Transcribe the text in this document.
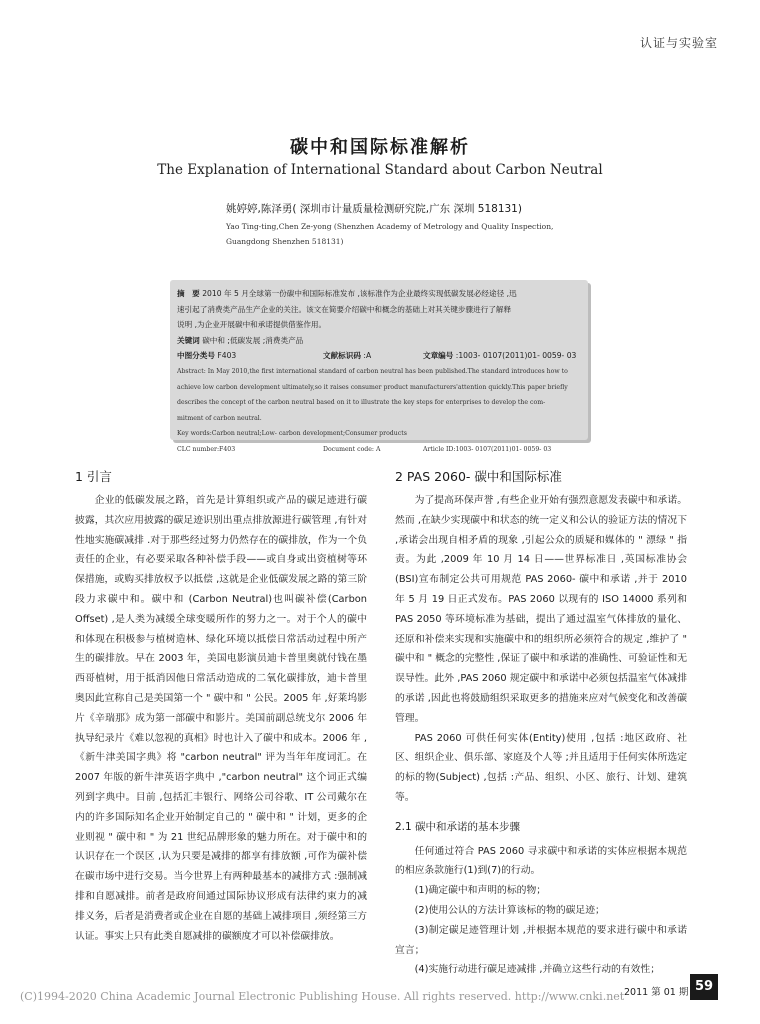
认证与实验室
碳中和国际标准解析
The Explanation of International Standard about Carbon Neutral
姚婷婷,陈泽勇( 深圳市计量质量检测研究院,广东 深圳 518131)
Yao Ting-ting,Chen Ze-yong (Shenzhen Academy of Metrology and Quality Inspection, Guangdong Shenzhen 518131)
摘　要 2010 年 5 月全球第一份碳中和国际标准发布 ,该标准作为企业最终实现低碳发展必经途径 ,迅
速引起了消费类产品生产企业的关注。该文在简要介绍碳中和概念的基础上对其关键步骤进行了解释
说明 ,为企业开展碳中和承诺提供借鉴作用。
关键词 碳中和 ;低碳发展 ;消费类产品
中图分类号 F403	文献标识码 :A	文章编号 :1003- 0107(2011)01- 0059- 03
Abstract: In May 2010,the first international standard of carbon neutral has been published.The standard introduces how to
achieve low carbon development ultimately,so it raises consumer product manufacturers'attention quickly.This paper briefly
describes the concept of the carbon neutral based on it to illustrate the key steps for enterprises to develop the com-
mitment of carbon neutral.
Key words:Carbon neutral;Low- carbon development;Consumer products
CLC number:F403	Document code: A	Article ID:1003- 0107(2011)01- 0059- 03
1 引言

企业的低碳发展之路，首先是计算组织或产品的碳足迹进行碳披露，其次应用披露的碳足迹识别出重点排放源进行碳管理 ,有针对性地实施碳减排 .对于那些经过努力仍然存在的碳排放，作为一个负责任的企业，有必要采取各种补偿手段——或自身或出资植树等环保措施，或购买排放权予以抵偿 ,这就是企业低碳发展之路的第三阶段力求碳中和。碳中和 (Carbon Neutral)也叫碳补偿(Carbon Offset) ,是人类为减缓全球变暖所作的努力之一。对于个人的碳中和体现在积极参与植树造林、绿化环境以抵偿日常活动过程中所产生的碳排放。早在 2003 年，美国电影演员迪卡普里奥就付钱在墨西哥植树，用于抵消因他日常活动造成的二氧化碳排放，迪卡普里奥因此宣称自己是美国第一个 " 碳中和 " 公民。2005 年 ,好莱坞影片《辛瑞那》成为第一部碳中和影片。美国前副总统戈尔 2006 年执导纪录片《难以忽视的真相》时也计入了碳中和成本。2006 年 ,《新牛津美国字典》将 "carbon neutral" 评为当年年度词汇。在 2007 年版的新牛津英语字典中 ,"carbon neutral" 这个词正式编列到字典中。目前 ,包括汇丰银行、网络公司谷歌、IT 公司戴尔在内的许多国际知名企业开始制定自己的 " 碳中和 " 计划，更多的企业则视 " 碳中和 " 为 21 世纪品牌形象的魅力所在。对于碳中和的认识存在一个误区 ,认为只要是减排的都享有排放额 ,可作为碳补偿在碳市场中进行交易。当今世界上有两种最基本的减排方式 :强制减排和自愿减排。前者是政府间通过国际协议形成有法律约束力的减排义务，后者是消费者或企业在自愿的基础上减排项目 ,须经第三方认证。事实上只有此类自愿减排的碳额度才可以补偿碳排放。

2 PAS 2060- 碳中和国际标准

为了提高环保声誉 ,有些企业开始有强烈意愿发表碳中和承诺。然而 ,在缺少实现碳中和状态的统一定义和公认的验证方法的情况下 ,承诺会出现自相矛盾的现象 ,引起公众的质疑和媒体的 " 漂绿 " 指责。为此 ,2009 年 10 月 14 日——世界标准日 ,英国标准协会(BSI)宣布制定公共可用规范 PAS 2060- 碳中和承诺 ,并于 2010 年 5 月 19 日正式发布。PAS 2060 以现有的 ISO 14000 系列和 PAS 2050 等环境标准为基础，提出了通过温室气体排放的量化、还原和补偿来实现和实施碳中和的组织所必须符合的规定 ,维护了 " 碳中和 " 概念的完整性 ,保证了碳中和承诺的准确性、可验证性和无误导性。此外 ,PAS 2060 规定碳中和承诺中必须包括温室气体减排的承诺 ,因此也将鼓励组织采取更多的措施来应对气候变化和改善碳管理。

PAS 2060 可供任何实体(Entity)使用 ,包括 :地区政府、社区、组织企业、俱乐部、家庭及个人等 ;并且适用于任何实体所选定的标的物(Subject) ,包括 :产品、组织、小区、旅行、计划、建筑等。

2.1 碳中和承诺的基本步骤

任何通过符合 PAS 2060 寻求碳中和承诺的实体应根据本规范的相应条款施行(1)到(7)的行动。

(1)确定碳中和声明的标的物；

(2)使用公认的方法计算该标的物的碳足迹；

(3)制定碳足迹管理计划 ,并根据本规范的要求进行碳中和承诺宣言；

(4)实施行动进行碳足迹减排 ,并确立这些行动的有效性；

(C)1994-2020 China Academic Journal Electronic Publishing House. All rights reserved. http://www.cnki.net 2011 第 01 期 59
